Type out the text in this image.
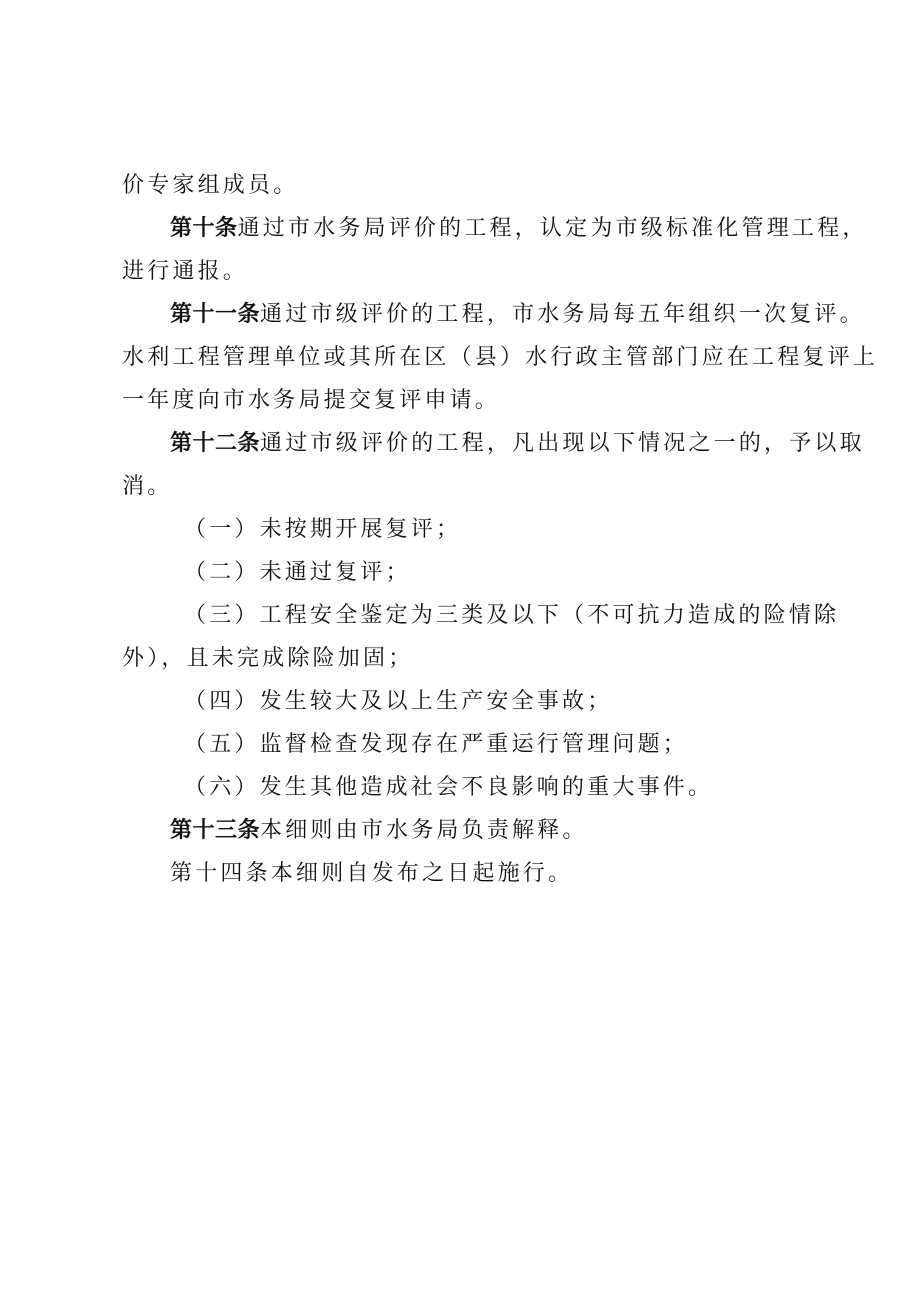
价专家组成员。
第十条通过市水务局评价的工程，认定为市级标准化管理工程，
进行通报。
第十一条通过市级评价的工程，市水务局每五年组织一次复评。
水利工程管理单位或其所在区（县）水行政主管部门应在工程复评上
一年度向市水务局提交复评申请。
第十二条通过市级评价的工程，凡出现以下情况之一的，予以取
消。
（一）未按期开展复评；
（二）未通过复评；
（三）工程安全鉴定为三类及以下（不可抗力造成的险情除
外），且未完成除险加固；
（四）发生较大及以上生产安全事故；
（五）监督检查发现存在严重运行管理问题；
（六）发生其他造成社会不良影响的重大事件。
第十三条本细则由市水务局负责解释。
第十四条本细则自发布之日起施行。
